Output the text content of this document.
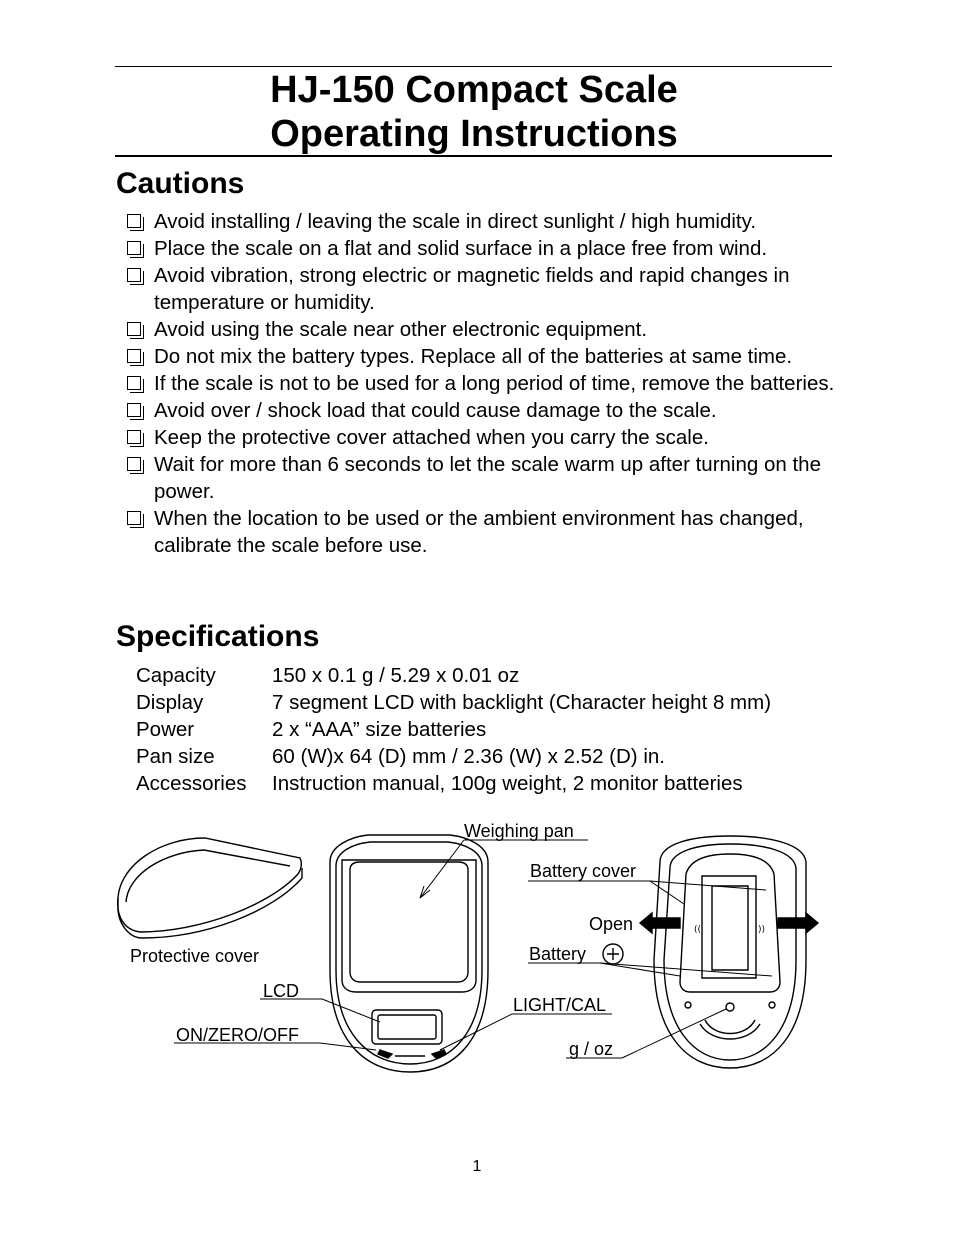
HJ-150 Compact Scale
Operating Instructions
Cautions
Avoid installing / leaving the scale in direct sunlight / high humidity.
Place the scale on a flat and solid surface in a place free from wind.
Avoid vibration, strong electric or magnetic fields and rapid changes in temperature or humidity.
Avoid using the scale near other electronic equipment.
Do not mix the battery types. Replace all of the batteries at same time.
If the scale is not to be used for a long period of time, remove the batteries.
Avoid over / shock load that could cause damage to the scale.
Keep the protective cover attached when you carry the scale.
Wait for more than 6 seconds to let the scale warm up after turning on the power.
When the location to be used or the ambient environment has changed, calibrate the scale before use.
Specifications
Capacity	150 x 0.1 g / 5.29 x 0.01 oz
Display	7 segment LCD with backlight (Character height 8 mm)
Power	2 x “AAA” size batteries
Pan size	60 (W)x 64 (D) mm / 2.36 (W) x 2.52 (D) in.
Accessories	Instruction manual, 100g weight, 2 monitor batteries
((	))
Weighing pan
Protective cover
LCD
ON/ZERO/OFF
Battery cover
Open
Battery
LIGHT/CAL
g / oz
1
